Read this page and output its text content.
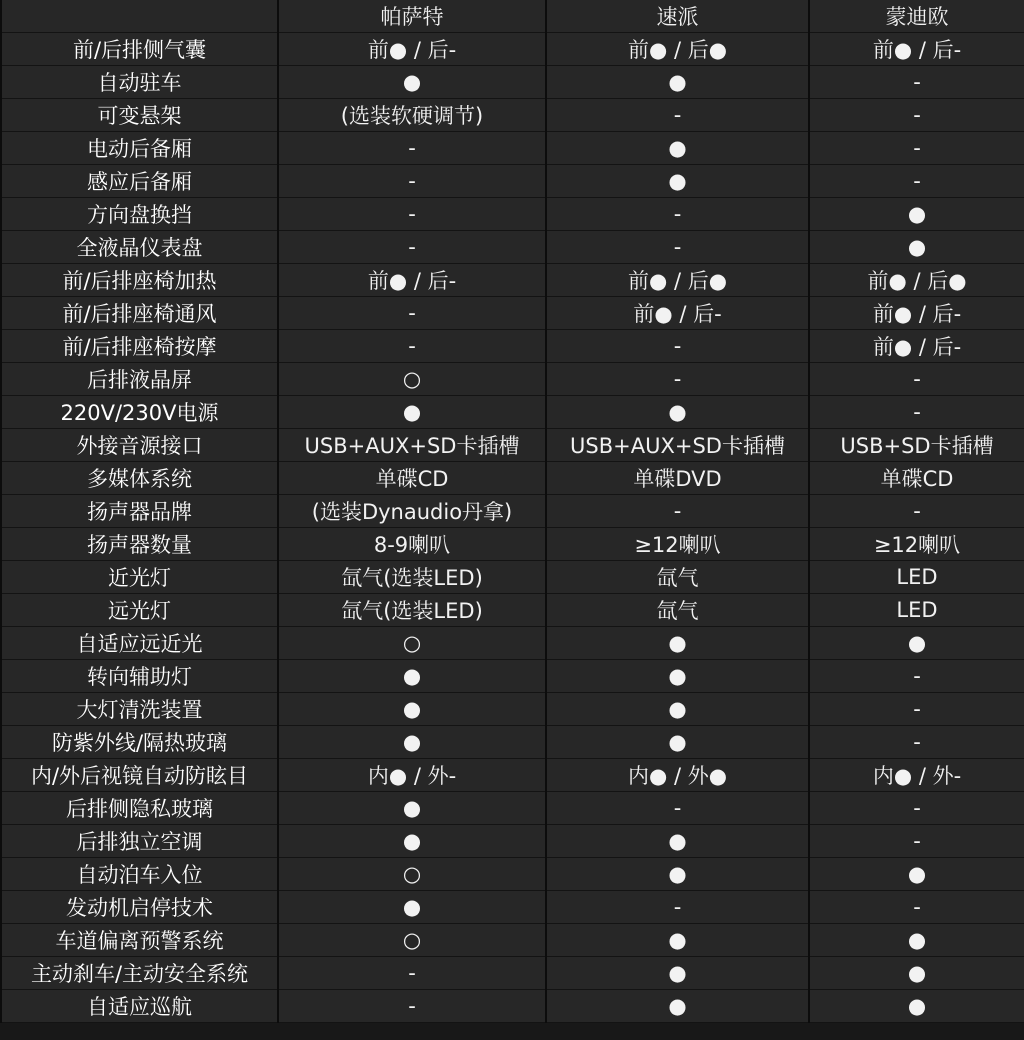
	帕萨特	速派	蒙迪欧
前/后排侧气囊	前● / 后-	前● / 后●	前● / 后-
自动驻车	●	●	-
可变悬架	(选装软硬调节)	-	-
电动后备厢	-	●	-
感应后备厢	-	●	-
方向盘换挡	-	-	●
全液晶仪表盘	-	-	●
前/后排座椅加热	前● / 后-	前● / 后●	前● / 后●
前/后排座椅通风	-	前● / 后-	前● / 后-
前/后排座椅按摩	-	-	前● / 后-
后排液晶屏	○	-	-
220V/230V电源	●	●	-
外接音源接口	USB+AUX+SD卡插槽	USB+AUX+SD卡插槽	USB+SD卡插槽
多媒体系统	单碟CD	单碟DVD	单碟CD
扬声器品牌	(选装Dynaudio丹拿)	-	-
扬声器数量	8-9喇叭	≥12喇叭	≥12喇叭
近光灯	氙气(选装LED)	氙气	LED
远光灯	氙气(选装LED)	氙气	LED
自适应远近光	○	●	●
转向辅助灯	●	●	-
大灯清洗装置	●	●	-
防紫外线/隔热玻璃	●	●	-
内/外后视镜自动防眩目	内● / 外-	内● / 外●	内● / 外-
后排侧隐私玻璃	●	-	-
后排独立空调	●	●	-
自动泊车入位	○	●	●
发动机启停技术	●	-	-
车道偏离预警系统	○	●	●
主动刹车/主动安全系统	-	●	●
自适应巡航	-	●	●
